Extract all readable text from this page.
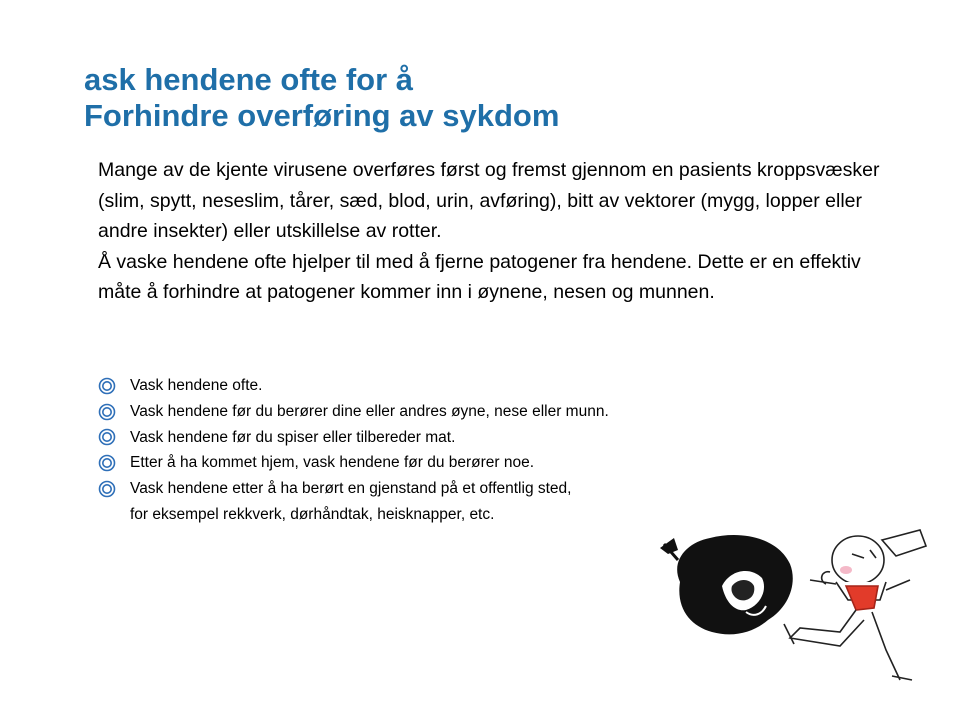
ask hendene ofte for å
Forhindre overføring av sykdom

Mange av de kjente virusene overføres først og fremst gjennom en pasients kroppsvæsker (slim, spytt, neseslim, tårer, sæd, blod, urin, avføring), bitt av vektorer (mygg, lopper eller andre insekter) eller utskillelse av rotter.

Å vaske hendene ofte hjelper til med å fjerne patogener fra hendene. Dette er en effektiv måte å forhindre at patogener kommer inn i øynene, nesen og munnen.

Vask hendene ofte.
Vask hendene før du berører dine eller andres øyne, nese eller munn.
Vask hendene før du spiser eller tilbereder mat.
Etter å ha kommet hjem, vask hendene før du berører noe.
Vask hendene etter å ha berørt en gjenstand på et offentlig sted,
for eksempel rekkverk, dørhåndtak, heisknapper, etc.
